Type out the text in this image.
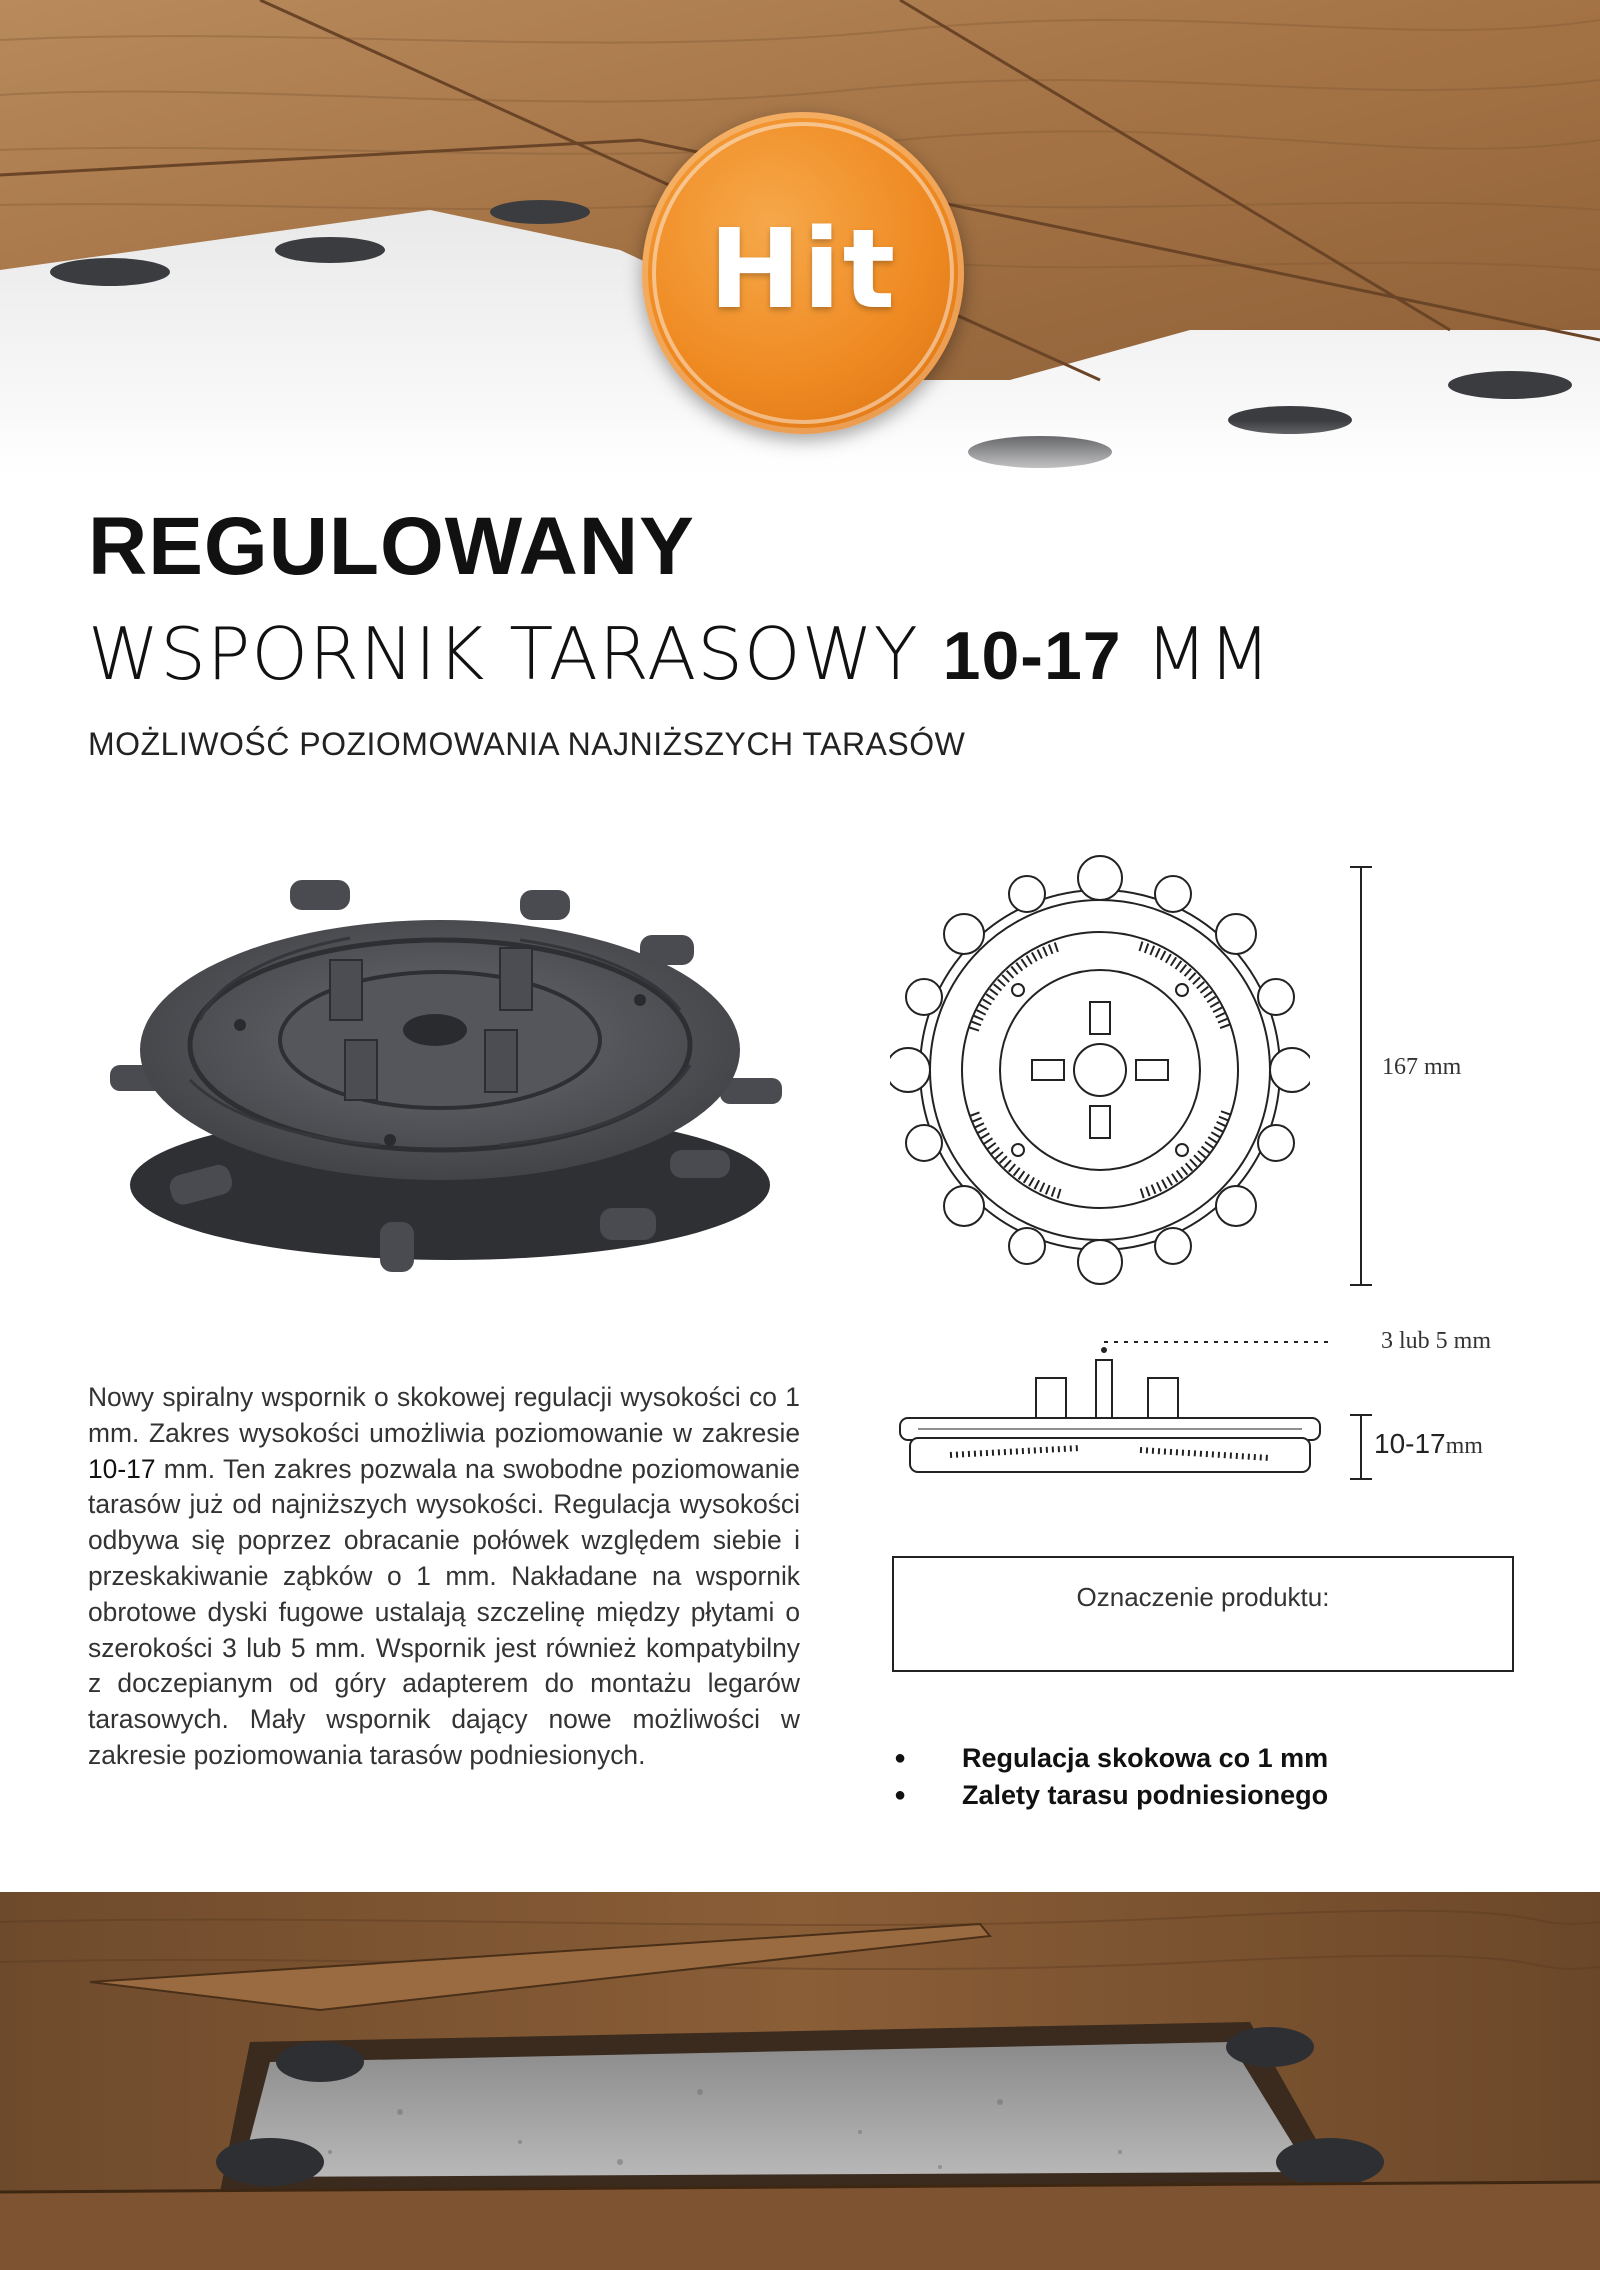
Hit
REGULOWANY
WSPORNIK TARASOWY 10-17 MM
MOŻLIWOŚĆ POZIOMOWANIA NAJNIŻSZYCH TARASÓW
167 mm
3 lub 5 mm
10-17mm

Nowy spiralny wspornik o skokowej regulacji wysokości co 1 mm. Zakres wysokości umożliwia poziomowanie w zakresie 10-17 mm. Ten zakres pozwala na swobodne poziomowanie tarasów już od najniższych wysokości. Regulacja wysokości odbywa się poprzez obracanie połówek względem siebie i przeskakiwanie ząbków o 1 mm. Nakładane na wspornik obrotowe dyski fugowe ustalają szczelinę między płytami o szerokości 3 lub 5 mm. Wspornik jest również kompatybilny z doczepianym od góry adapterem do montażu legarów tarasowych. Mały wspornik dający nowe możliwości w zakresie poziomowania tarasów podniesionych.

Oznaczenie produktu:
● Regulacja skokowa co 1 mm
● Zalety tarasu podniesionego
